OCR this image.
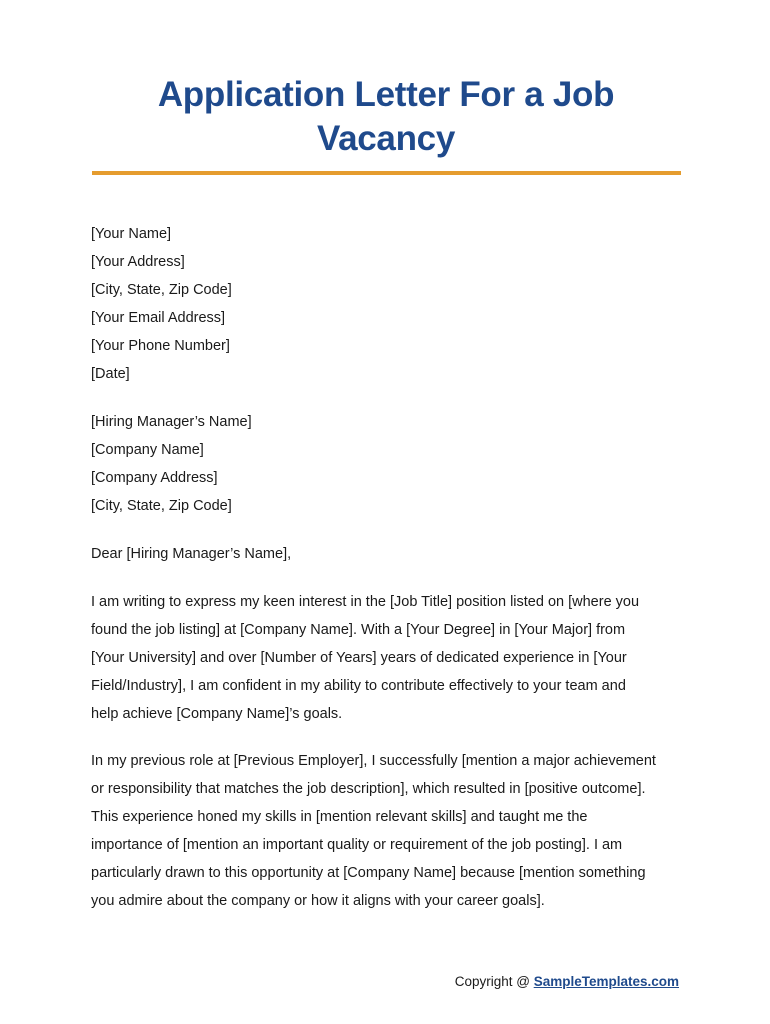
Application Letter For a Job
Vacancy
[Your Name]
[Your Address]
[City, State, Zip Code]
[Your Email Address]
[Your Phone Number]
[Date]
[Hiring Manager’s Name]
[Company Name]
[Company Address]
[City, State, Zip Code]
Dear [Hiring Manager’s Name],
I am writing to express my keen interest in the [Job Title] position listed on [where you
found the job listing] at [Company Name]. With a [Your Degree] in [Your Major] from
[Your University] and over [Number of Years] years of dedicated experience in [Your
Field/Industry], I am confident in my ability to contribute effectively to your team and
help achieve [Company Name]’s goals.
In my previous role at [Previous Employer], I successfully [mention a major achievement
or responsibility that matches the job description], which resulted in [positive outcome].
This experience honed my skills in [mention relevant skills] and taught me the
importance of [mention an important quality or requirement of the job posting]. I am
particularly drawn to this opportunity at [Company Name] because [mention something
you admire about the company or how it aligns with your career goals].
Copyright @ SampleTemplates.com
